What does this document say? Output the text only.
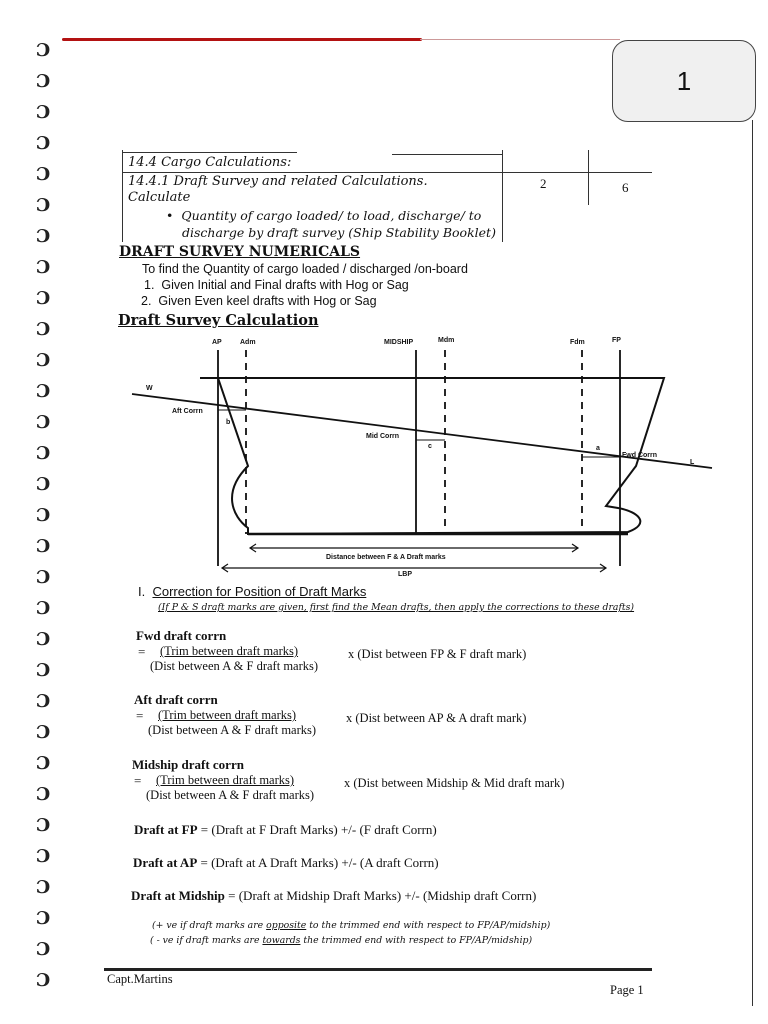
1
Ɔ
Ɔ
Ɔ
Ɔ
Ɔ
Ɔ
Ɔ
Ɔ
Ɔ
Ɔ
Ɔ
Ɔ
Ɔ
Ɔ
Ɔ
Ɔ
Ɔ
Ɔ
Ɔ
Ɔ
Ɔ
Ɔ
Ɔ
Ɔ
Ɔ
Ɔ
Ɔ
Ɔ
Ɔ
Ɔ
Ɔ
14.4 Cargo Calculations:
14.4.1 Draft Survey and related Calculations.
Calculate
2	6
•  Quantity of cargo loaded/ to load, discharge/ to
discharge by draft survey (Ship Stability Booklet)
DRAFT SURVEY NUMERICALS
To find the Quantity of cargo loaded / discharged /on-board
1. Given Initial and Final drafts with Hog or Sag
2. Given Even keel drafts with Hog or Sag
Draft Survey Calculation
AP	Adm	MIDSHIP	Mdm	Fdm	FP
W
L
Aft Corrn
Mid Corrn
Fwd Corrn
b
c	a
Distance between F & A Draft marks
LBP
I. Correction for Position of Draft Marks
(If P & S draft marks are given, first find the Mean drafts, then apply the corrections to these drafts)
Fwd draft corrn
= (Trim between draft marks)	x (Dist between FP & F draft mark)
(Dist between A & F draft marks)
Aft draft corrn
= (Trim between draft marks)	x (Dist between AP & A draft mark)
(Dist between A & F draft marks)
Midship draft corrn
= (Trim between draft marks)	x (Dist between Midship & Mid draft mark)
(Dist between A & F draft marks)
Draft at FP = (Draft at F Draft Marks) +/- (F draft Corrn)
Draft at AP = (Draft at A Draft Marks) +/- (A draft Corrn)
Draft at Midship = (Draft at Midship Draft Marks) +/- (Midship draft Corrn)
(+ ve if draft marks are opposite to the trimmed end with respect to FP/AP/midship)
( - ve if draft marks are towards the trimmed end with respect to FP/AP/midship)
Capt.Martins
Page 1
